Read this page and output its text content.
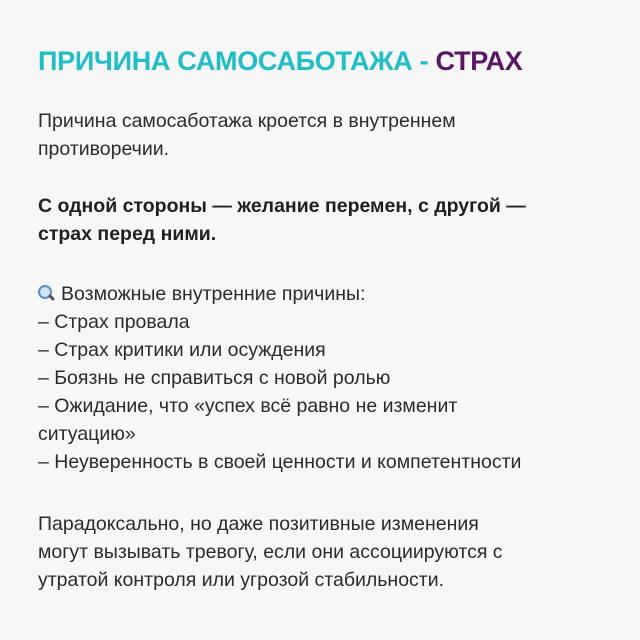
ПРИЧИНА САМОСАБОТАЖА - СТРАХ
Причина самосаботажа кроется в внутреннем
противоречии.
С одной стороны — желание перемен, с другой —
страх перед ними.
Возможные внутренние причины:
– Страх провала
– Страх критики или осуждения
– Боязнь не справиться с новой ролью
– Ожидание, что «успех всё равно не изменит
ситуацию»
– Неуверенность в своей ценности и компетентности
Парадоксально, но даже позитивные изменения
могут вызывать тревогу, если они ассоциируются с
утратой контроля или угрозой стабильности.
